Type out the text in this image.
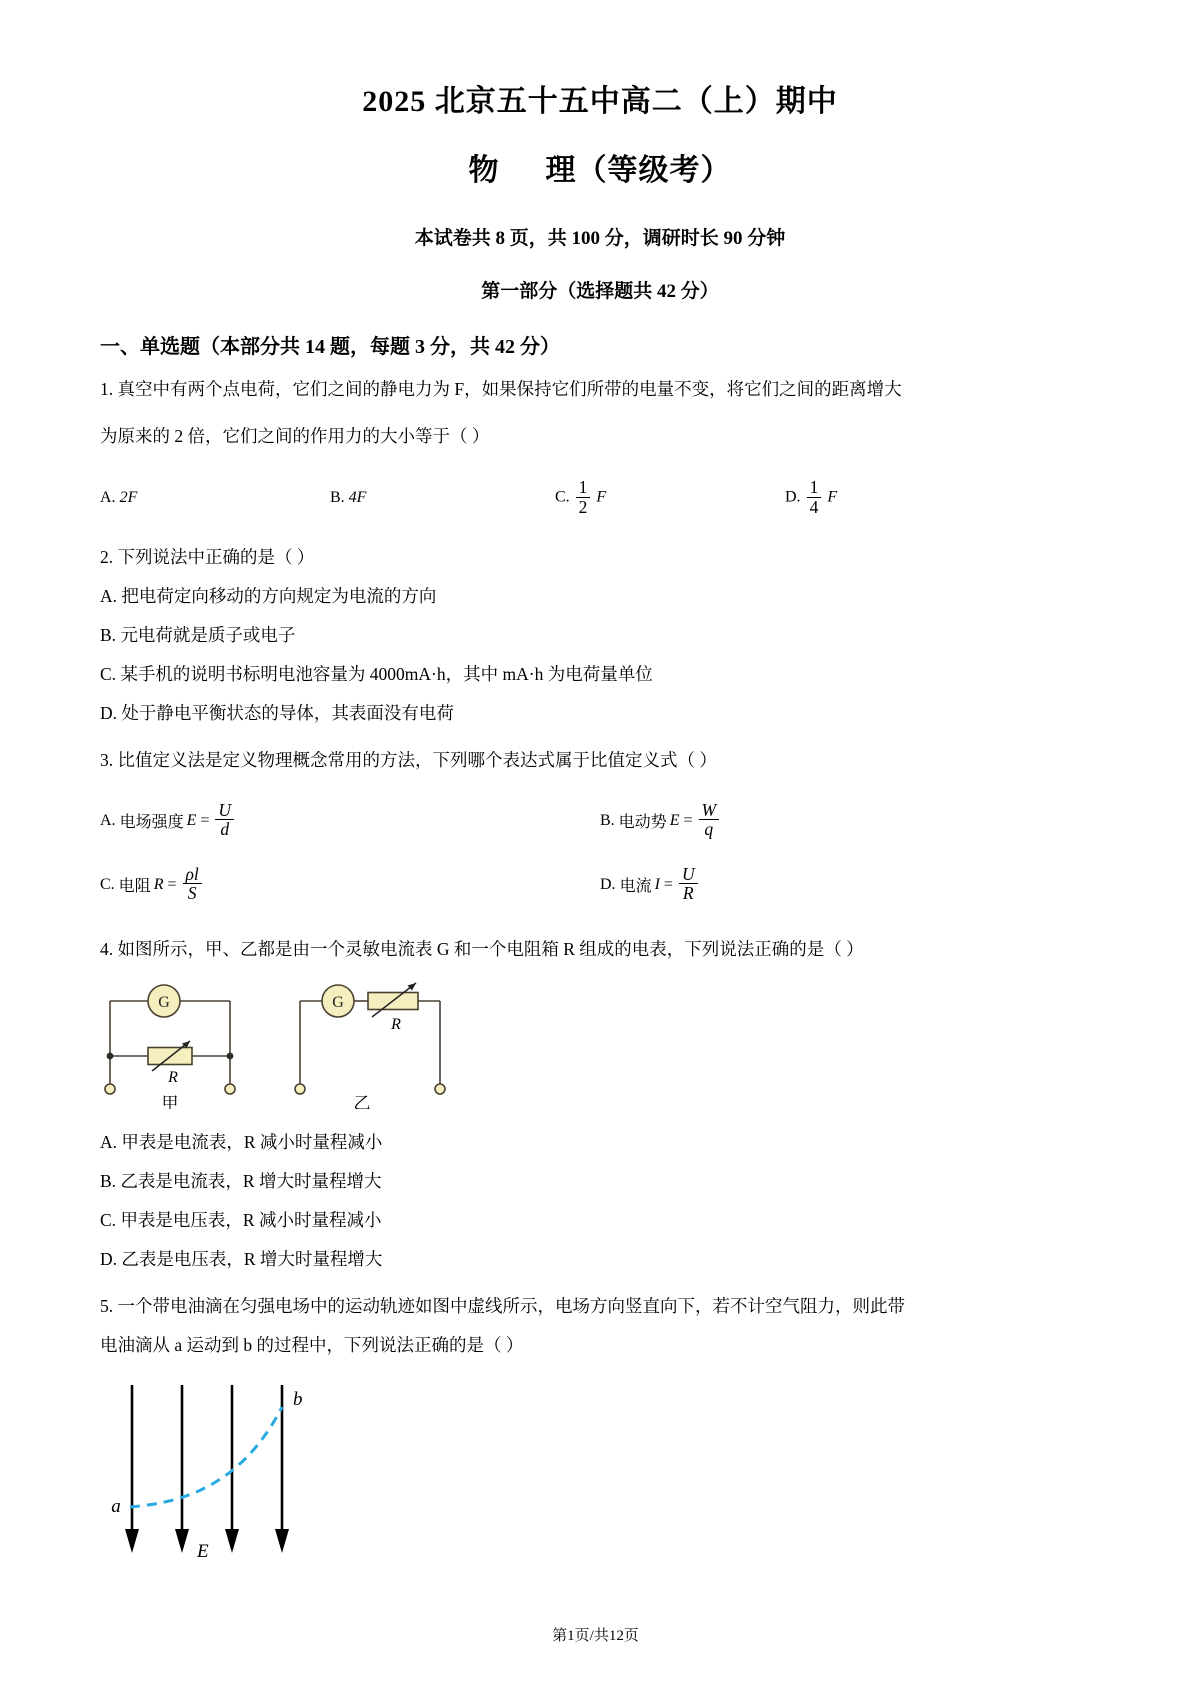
2025 北京五十五中高二（上）期中
物 理（等级考）
本试卷共 8 页，共 100 分，调研时长 90 分钟
第一部分（选择题共 42 分）
一、单选题（本部分共 14 题，每题 3 分，共 42 分）
1. 真空中有两个点电荷，它们之间的静电力为 F，如果保持它们所带的电量不变，将它们之间的距离增大
为原来的 2 倍，它们之间的作用力的大小等于（ ）
A. 2F	B. 4F	C. $\frac{1}{2}$ F	D. $\frac{1}{4}$ F
2. 下列说法中正确的是（ ）
A. 把电荷定向移动的方向规定为电流的方向
B. 元电荷就是质子或电子
C. 某手机的说明书标明电池容量为 4000mA·h，其中 mA·h 为电荷量单位
D. 处于静电平衡状态的导体，其表面没有电荷
3. 比值定义法是定义物理概念常用的方法，下列哪个表达式属于比值定义式（ ）
A.
电场强度 $E = \frac{U}{d}$	B.
电动势 $E = \frac{W}{q}$
C.
电阻 $R = \frac{\rho l}{S}$	D.
电流 $I = \frac{U}{R}$
4. 如图所示，甲、乙都是由一个灵敏电流表 G 和一个电阻箱 R 组成的电表，下列说法正确的是（ ）
G
R
甲
G
R
乙
A. 甲表是电流表，R 减小时量程减小
B. 乙表是电流表，R 增大时量程增大
C. 甲表是电压表，R 减小时量程减小
D. 乙表是电压表，R 增大时量程增大
5. 一个带电油滴在匀强电场中的运动轨迹如图中虚线所示，电场方向竖直向下，若不计空气阻力，则此带
电油滴从 a 运动到 b 的过程中，下列说法正确的是（ ）
a
b
E
第1页/共12页
